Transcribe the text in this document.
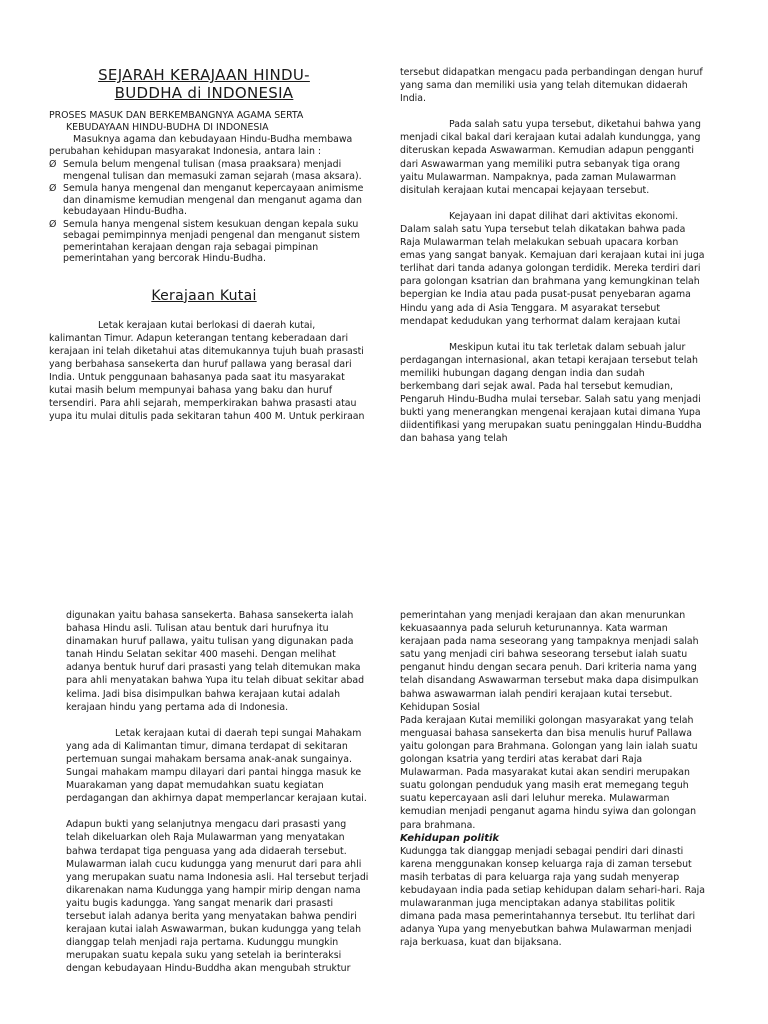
SEJARAH KERAJAAN HINDU-
BUDDHA di INDONESIA
PROSES MASUK DAN BERKEMBANGNYA AGAMA SERTA
KEBUDAYAAN HINDU-BUDHA DI INDONESIA

Masuknya agama dan kebudayaan Hindu-Budha membawa perubahan kehidupan masyarakat Indonesia, antara lain :

Ø Semula belum mengenal tulisan (masa praaksara) menjadi mengenal tulisan dan memasuki zaman sejarah (masa aksara).
Ø Semula hanya mengenal dan menganut kepercayaan animisme dan dinamisme kemudian mengenal dan menganut agama dan kebudayaan Hindu-Budha.
Ø Semula hanya mengenal sistem kesukuan dengan kepala suku sebagai pemimpinnya menjadi pengenal dan menganut sistem pemerintahan kerajaan dengan raja sebagai pimpinan pemerintahan yang bercorak Hindu-Budha.
Kerajaan Kutai

Letak kerajaan kutai berlokasi di daerah kutai, kalimantan Timur. Adapun keterangan tentang keberadaan dari kerajaan ini telah diketahui atas ditemukannya tujuh buah prasasti yang berbahasa sansekerta dan huruf pallawa yang berasal dari India. Untuk penggunaan bahasanya pada saat itu masyarakat kutai masih belum mempunyai bahasa yang baku dan huruf tersendiri. Para ahli sejarah, memperkirakan bahwa prasasti atau yupa itu mulai ditulis pada sekitaran tahun 400 M. Untuk perkiraan

tersebut didapatkan mengacu pada perbandingan dengan huruf yang sama dan memiliki usia yang telah ditemukan didaerah India.

Pada salah satu yupa tersebut, diketahui bahwa yang menjadi cikal bakal dari kerajaan kutai adalah kundungga, yang diteruskan kepada Aswawarman. Kemudian adapun pengganti dari Aswawarman yang memiliki putra sebanyak tiga orang yaitu Mulawarman. Nampaknya, pada zaman Mulawarman disitulah kerajaan kutai mencapai kejayaan tersebut.

Kejayaan ini dapat dilihat dari aktivitas ekonomi. Dalam salah satu Yupa tersebut telah dikatakan bahwa pada Raja Mulawarman telah melakukan sebuah upacara korban emas yang sangat banyak. Kemajuan dari kerajaan kutai ini juga terlihat dari tanda adanya golongan terdidik. Mereka terdiri dari para golongan ksatrian dan brahmana yang kemungkinan telah bepergian ke India atau pada pusat-pusat penyebaran agama Hindu yang ada di Asia Tenggara. M asyarakat tersebut mendapat kedudukan yang terhormat dalam kerajaan kutai

Meskipun kutai itu tak terletak dalam sebuah jalur perdagangan internasional, akan tetapi kerajaan tersebut telah memiliki hubungan dagang dengan india dan sudah berkembang dari sejak awal. Pada hal tersebut kemudian, Pengaruh Hindu-Budha mulai tersebar. Salah satu yang menjadi bukti yang menerangkan mengenai kerajaan kutai dimana Yupa diidentifikasi yang merupakan suatu peninggalan Hindu-Buddha dan bahasa yang telah

digunakan yaitu bahasa sansekerta. Bahasa sansekerta ialah bahasa Hindu asli. Tulisan atau bentuk dari hurufnya itu dinamakan huruf pallawa, yaitu tulisan yang digunakan pada tanah Hindu Selatan sekitar 400 masehi. Dengan melihat adanya bentuk huruf dari prasasti yang telah ditemukan maka para ahli menyatakan bahwa Yupa itu telah dibuat sekitar abad kelima. Jadi bisa disimpulkan bahwa kerajaan kutai adalah kerajaan hindu yang pertama ada di Indonesia.

Letak kerajaan kutai di daerah tepi sungai Mahakam yang ada di Kalimantan timur, dimana terdapat di sekitaran pertemuan sungai mahakam bersama anak-anak sungainya. Sungai mahakam mampu dilayari dari pantai hingga masuk ke Muarakaman yang dapat memudahkan suatu kegiatan perdagangan dan akhirnya dapat memperlancar kerajaan kutai.

Adapun bukti yang selanjutnya mengacu dari prasasti yang telah dikeluarkan oleh Raja Mulawarman yang menyatakan bahwa terdapat tiga penguasa yang ada didaerah tersebut. Mulawarman ialah cucu kudungga yang menurut dari para ahli yang merupakan suatu nama Indonesia asli. Hal tersebut terjadi dikarenakan nama Kudungga yang hampir mirip dengan nama yaitu bugis kadungga. Yang sangat menarik dari prasasti tersebut ialah adanya berita yang menyatakan bahwa pendiri kerajaan kutai ialah Aswawarman, bukan kudungga yang telah dianggap telah menjadi raja pertama. Kudunggu mungkin merupakan suatu kepala suku yang setelah ia berinteraksi dengan kebudayaan Hindu-Buddha akan mengubah struktur

pemerintahan yang menjadi kerajaan dan akan menurunkan kekuasaannya pada seluruh keturunannya. Kata warman kerajaan pada nama seseorang yang tampaknya menjadi salah satu yang menjadi ciri bahwa seseorang tersebut ialah suatu penganut hindu dengan secara penuh. Dari kriteria nama yang telah disandang Aswawarman tersebut maka dapa disimpulkan bahwa aswawarman ialah pendiri kerajaan kutai tersebut.

Kehidupan Sosial

Pada kerajaan Kutai memiliki golongan masyarakat yang telah menguasai bahasa sansekerta dan bisa menulis huruf Pallawa yaitu golongan para Brahmana. Golongan yang lain ialah suatu golongan ksatria yang terdiri atas kerabat dari Raja Mulawarman. Pada masyarakat kutai akan sendiri merupakan suatu golongan penduduk yang masih erat memegang teguh suatu kepercayaan asli dari leluhur mereka. Mulawarman kemudian menjadi penganut agama hindu syiwa dan golongan para brahmana.

Kehidupan politik

Kudungga tak dianggap menjadi sebagai pendiri dari dinasti karena menggunakan konsep keluarga raja di zaman tersebut masih terbatas di para keluarga raja yang sudah menyerap kebudayaan india pada setiap kehidupan dalam sehari-hari. Raja mulawaranman juga menciptakan adanya stabilitas politik dimana pada masa pemerintahannya tersebut. Itu terlihat dari adanya Yupa yang menyebutkan bahwa Mulawarman menjadi raja berkuasa, kuat dan bijaksana.
